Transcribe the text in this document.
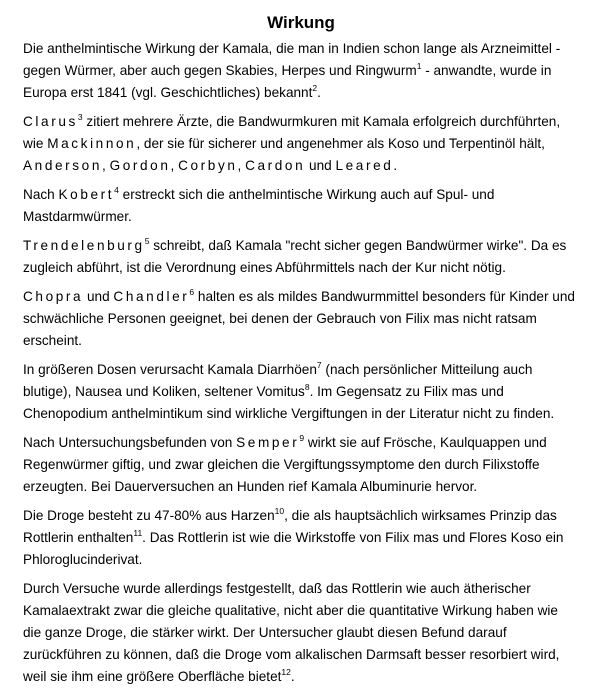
Wirkung

Die anthelmintische Wirkung der Kamala, die man in Indien schon lange als Arzneimittel - gegen Würmer, aber auch gegen Skabies, Herpes und Ringwurm$^1$ - anwandte, wurde in Europa erst 1841 (vgl. Geschichtliches) bekannt$^2$.

Clarus$^3$ zitiert mehrere Ärzte, die Bandwurmkuren mit Kamala erfolgreich durchführten, wie Mackinnon, der sie für sicherer und angenehmer als Koso und Terpentinöl hält, Anderson, Gordon, Corbyn, Cardon und Leared.

Nach Kobert$^4$ erstreckt sich die anthelmintische Wirkung auch auf Spul- und Mastdarmwürmer.

Trendelenburg$^5$ schreibt, daß Kamala "recht sicher gegen Bandwürmer wirke". Da es zugleich abführt, ist die Verordnung eines Abführmittels nach der Kur nicht nötig.

Chopra und Chandler$^6$ halten es als mildes Bandwurmmittel besonders für Kinder und schwächliche Personen geeignet, bei denen der Gebrauch von Filix mas nicht ratsam erscheint.

In größeren Dosen verursacht Kamala Diarrhöen$^7$ (nach persönlicher Mitteilung auch blutige), Nausea und Koliken, seltener Vomitus$^8$. Im Gegensatz zu Filix mas und Chenopodium anthelmintikum sind wirkliche Vergiftungen in der Literatur nicht zu finden.

Nach Untersuchungsbefunden von Semper$^9$ wirkt sie auf Frösche, Kaulquappen und Regenwürmer giftig, und zwar gleichen die Vergiftungssymptome den durch Filixstoffe erzeugten. Bei Dauerversuchen an Hunden rief Kamala Albuminurie hervor.

Die Droge besteht zu 47-80% aus Harzen$^{10}$, die als hauptsächlich wirksames Prinzip das Rottlerin enthalten$^{11}$. Das Rottlerin ist wie die Wirkstoffe von Filix mas und Flores Koso ein Phloroglucinderivat.

Durch Versuche wurde allerdings festgestellt, daß das Rottlerin wie auch ätherischer Kamalaextrakt zwar die gleiche qualitative, nicht aber die quantitative Wirkung haben wie die ganze Droge, die stärker wirkt. Der Untersucher glaubt diesen Befund darauf zurückführen zu können, daß die Droge vom alkalischen Darmsaft besser resorbiert wird, weil sie ihm eine größere Oberfläche bietet$^{12}$.
